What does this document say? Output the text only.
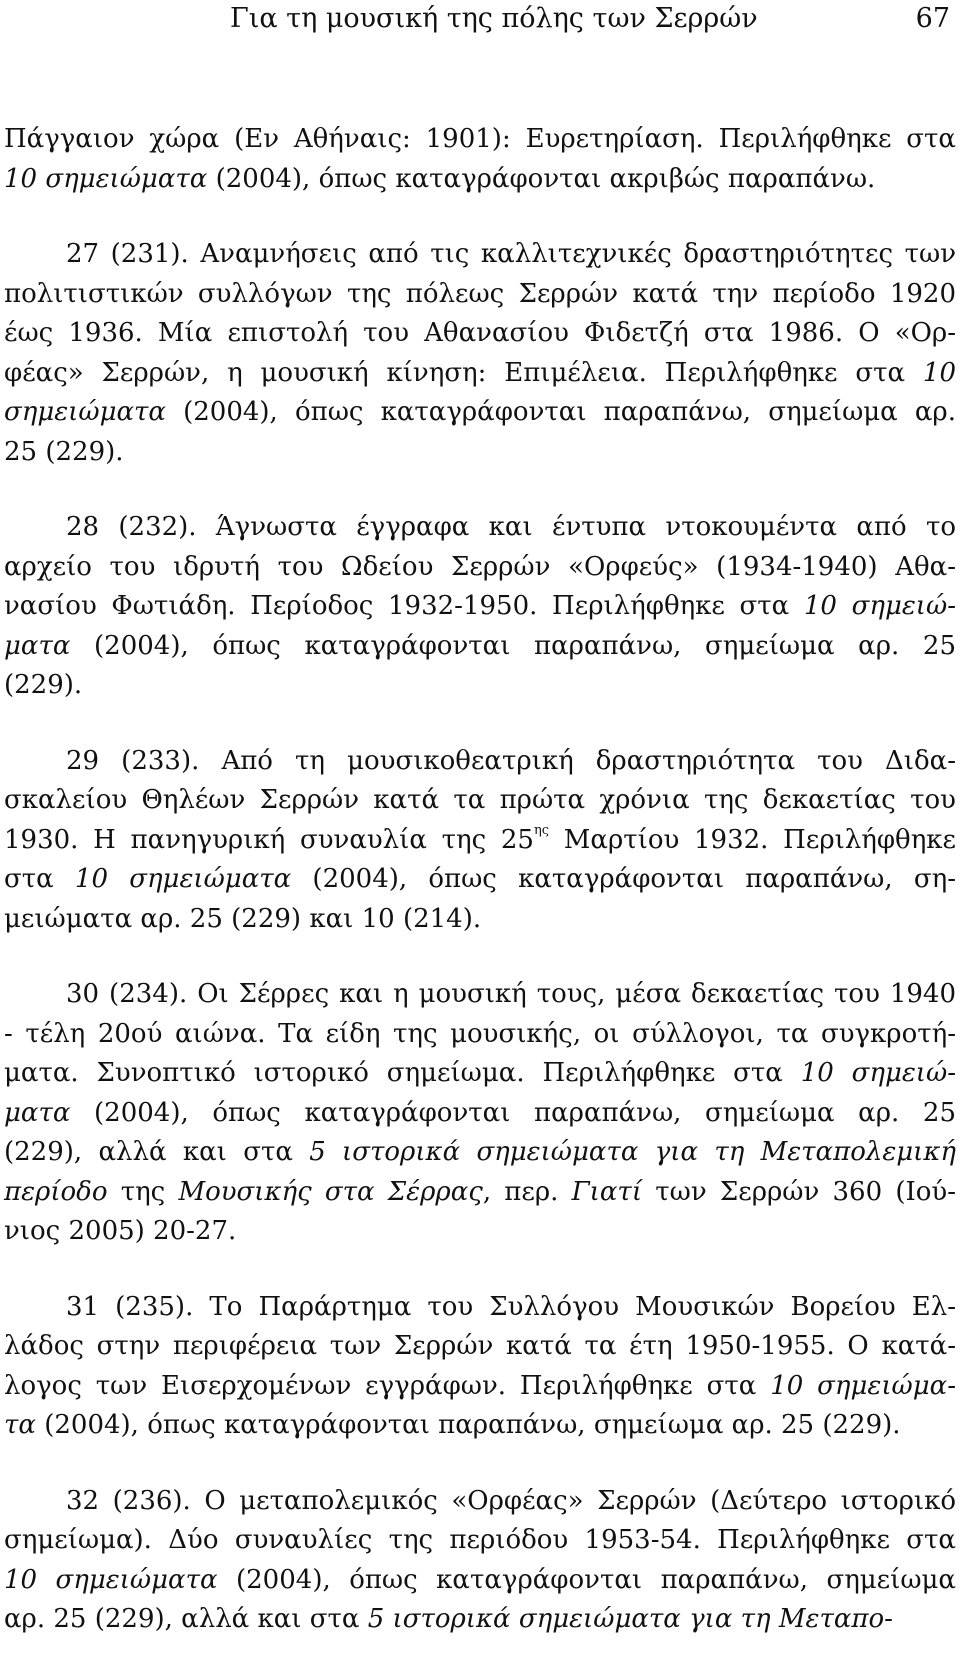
Για τη μουσική της πόλης των Σερρών	67
Πάγγαιον χώρα (Εν Αθήναις: 1901): Ευρετηρίαση. Περιλήφθηκε στα
10 σημειώματα (2004), όπως καταγράφονται ακριβώς παραπάνω.
27 (231). Αναμνήσεις από τις καλλιτεχνικές δραστηριότητες των
πολιτιστικών συλλόγων της πόλεως Σερρών κατά την περίοδο 1920
έως 1936. Μία επιστολή του Αθανασίου Φιδετζή στα 1986. Ο «Ορ-
φέας» Σερρών, η μουσική κίνηση: Επιμέλεια. Περιλήφθηκε στα 10
σημειώματα (2004), όπως καταγράφονται παραπάνω, σημείωμα αρ.
25 (229).
28 (232). Άγνωστα έγγραφα και έντυπα ντοκουμέντα από το
αρχείο του ιδρυτή του Ωδείου Σερρών «Ορφεύς» (1934-1940) Αθα-
νασίου Φωτιάδη. Περίοδος 1932-1950. Περιλήφθηκε στα 10 σημειώ-
ματα (2004), όπως καταγράφονται παραπάνω, σημείωμα αρ. 25
(229).
29 (233). Από τη μουσικοθεατρική δραστηριότητα του Διδα-
σκαλείου Θηλέων Σερρών κατά τα πρώτα χρόνια της δεκαετίας του
1930. Η πανηγυρική συναυλία της $25^{\eta\varsigma}$ Μαρτίου 1932. Περιλήφθηκε
στα 10 σημειώματα (2004), όπως καταγράφονται παραπάνω, ση-
μειώματα αρ. 25 (229) και 10 (214).
30 (234). Οι Σέρρες και η μουσική τους, μέσα δεκαετίας του 1940
- τέλη 20ού αιώνα. Τα είδη της μουσικής, οι σύλλογοι, τα συγκροτή-
ματα. Συνοπτικό ιστορικό σημείωμα. Περιλήφθηκε στα 10 σημειώ-
ματα (2004), όπως καταγράφονται παραπάνω, σημείωμα αρ. 25
(229), αλλά και στα 5 ιστορικά σημειώματα για τη Μεταπολεμική
περίοδο της Μουσικής στα Σέρρας, περ. Γιατί των Σερρών 360 (Ιού-
νιος 2005) 20-27.
31 (235). Το Παράρτημα του Συλλόγου Μουσικών Βορείου Ελ-
λάδος στην περιφέρεια των Σερρών κατά τα έτη 1950-1955. Ο κατά-
λογος των Εισερχομένων εγγράφων. Περιλήφθηκε στα 10 σημειώμα-
τα (2004), όπως καταγράφονται παραπάνω, σημείωμα αρ. 25 (229).
32 (236). Ο μεταπολεμικός «Ορφέας» Σερρών (Δεύτερο ιστορικό
σημείωμα). Δύο συναυλίες της περιόδου 1953-54. Περιλήφθηκε στα
10 σημειώματα (2004), όπως καταγράφονται παραπάνω, σημείωμα
αρ. 25 (229), αλλά και στα 5 ιστορικά σημειώματα για τη Μεταπο-
